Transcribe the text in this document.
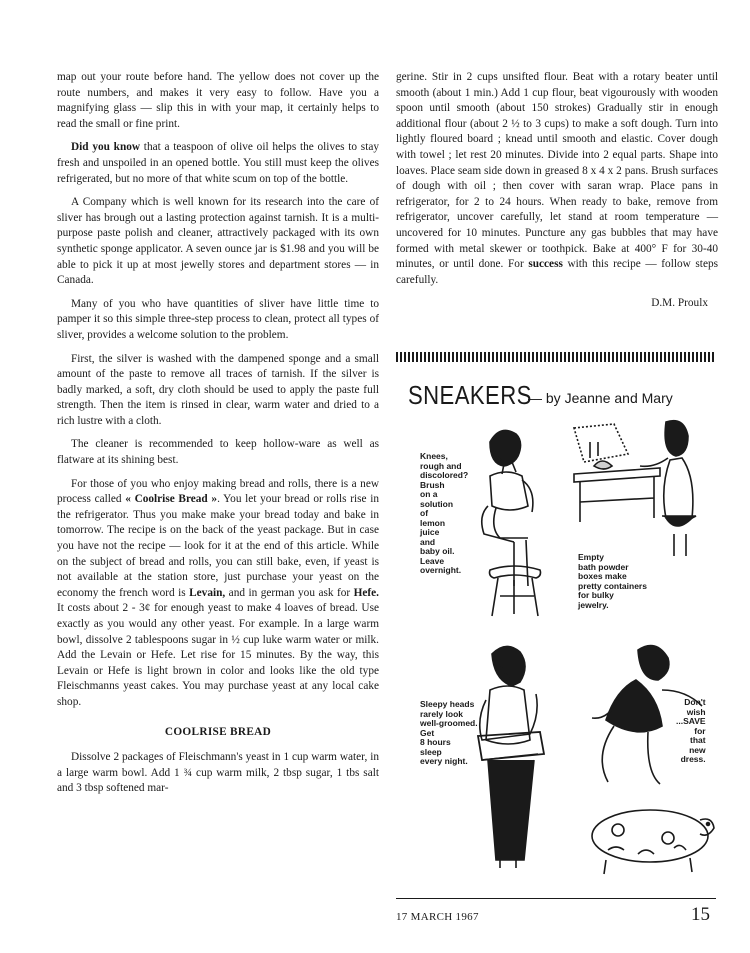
map out your route before hand. The yellow does not cover up the route numbers, and makes it very easy to follow. Have you a magnifying glass — slip this in with your map, it certainly helps to read the small or fine print.

Did you know that a teaspoon of olive oil helps the olives to stay fresh and unspoiled in an opened bottle. You still must keep the olives refrigerated, but no more of that white scum on top of the bottle.

A Company which is well known for its research into the care of sliver has brough out a lasting protection against tarnish. It is a multi-purpose paste polish and cleaner, attractively packaged with its own synthetic sponge applicator. A seven ounce jar is $1.98 and you will be able to pick it up at most jewelly stores and department stores — in Canada.

Many of you who have quantities of sliver have little time to pamper it so this simple three-step process to clean, protect all types of sliver, provides a welcome solution to the problem.

First, the silver is washed with the dampened sponge and a small amount of the paste to remove all traces of tarnish. If the silver is badly marked, a soft, dry cloth should be used to apply the paste full strength. Then the item is rinsed in clear, warm water and dried to a rich lustre with a cloth.

The cleaner is recommended to keep hollow-ware as well as flatware at its shining best.

For those of you who enjoy making bread and rolls, there is a new process called « Coolrise Bread ». You let your bread or rolls rise in the refrigerator. Thus you make make your bread today and bake in tomorrow. The recipe is on the back of the yeast package. But in case you have not the recipe — look for it at the end of this article. While on the subject of bread and rolls, you can still bake, even, if yeast is not available at the station store, just purchase your yeast on the economy the french word is Levain, and in german you ask for Hefe. It costs about 2 - 3¢ for enough yeast to make 4 loaves of bread. Use exactly as you would any other yeast. For example. In a large warm bowl, dissolve 2 tablespoons sugar in ½ cup luke warm water or milk. Add the Levain or Hefe. Let rise for 15 minutes. By the way, this Levain or Hefe is light brown in color and looks like the old type Fleischmanns yeast cakes. You may purchase yeast at any local cake shop.

COOLRISE BREAD

Dissolve 2 packages of Fleischmann's yeast in 1 cup warm water, in a large warm bowl. Add 1 ¾ cup warm milk, 2 tbsp sugar, 1 tbs salt and 3 tbsp softened mar-

gerine. Stir in 2 cups unsifted flour. Beat with a rotary beater until smooth (about 1 min.) Add 1 cup flour, beat vigourously with wooden spoon until smooth (about 150 strokes) Gradually stir in enough additional flour (about 2 ½ to 3 cups) to make a soft dough. Turn into lightly floured board ; knead until smooth and elastic. Cover dough with towel ; let rest 20 minutes. Divide into 2 equal parts. Shape into loaves. Place seam side down in greased 8 x 4 x 2 pans. Brush surfaces of dough with oil ; then cover with saran wrap. Place pans in refrigerator, for 2 to 24 hours. When ready to bake, remove from refrigerator, uncover carefully, let stand at room temperature — uncovered for 10 minutes. Puncture any gas bubbles that may have formed with metal skewer or toothpick. Bake at 400° F for 30-40 minutes, or until done. For success with this recipe — follow steps carefully.

D.M. Proulx
SNEAKERS
— by Jeanne and Mary
Knees,
rough and
discolored?
Brush
on a
solution
of
lemon
juice
and
baby oil.
Leave
overnight.
Empty
bath powder
boxes make
pretty containers
for bulky
jewelry.
Sleepy heads
rarely look
well-groomed.
Get
8 hours
sleep
every night.
Don't
wish
...SAVE
for
that
new
dress.
17 MARCH 1967	15
